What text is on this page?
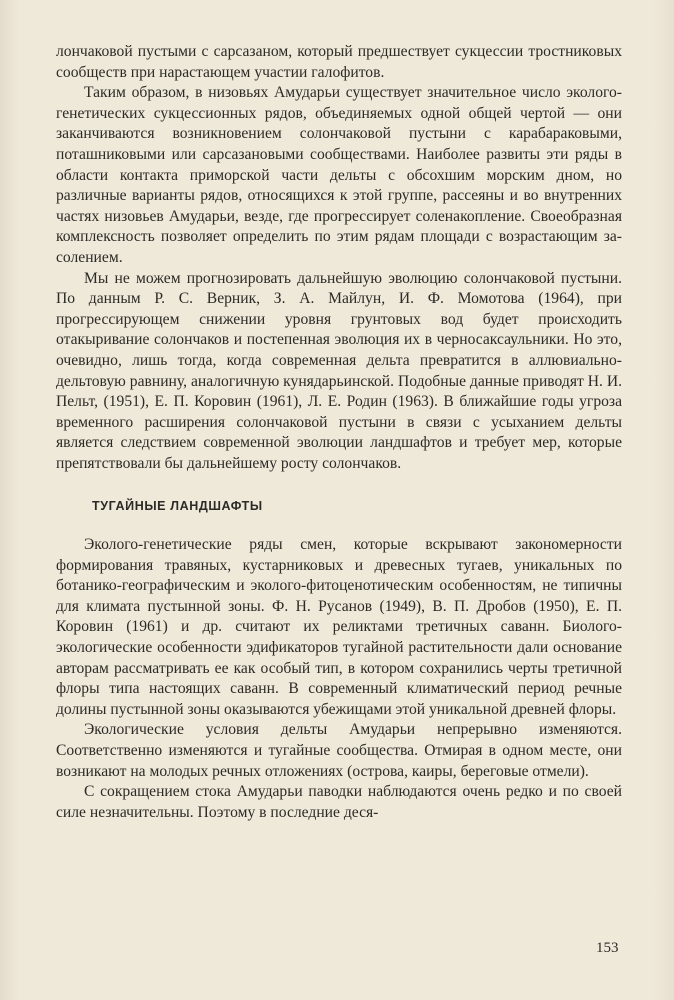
лончаковой пустыми с сарсазаном, который предшествует сукцессии тростниковых сообществ при нарастающем участии галофитов.

Таким образом, в низовьях Амударьи существует значительное число эколого-генетических сукцессионных рядов, объединяемых одной общей чертой — они заканчиваются возникновением солончаковой пустыни с карабараковыми, поташниковыми или сарсазановыми сообществами. Наиболее развиты эти ряды в области контакта приморской части дельты с обсохшим морским дном, но различные варианты рядов, относящихся к этой группе, рассеяны и во внутренних частях низовьев Амударьи, везде, где прогрессирует соленакопление. Своеобразная комплексность позволяет определить по этим рядам площади с возрастающим засолением.

Мы не можем прогнозировать дальнейшую эволюцию солончаковой пустыни. По данным Р. С. Верник, З. А. Майлун, И. Ф. Момотова (1964), при прогрессирующем снижении уровня грунтовых вод будет происходить отакыривание солончаков и постепенная эволюция их в черносаксаульники. Но это, очевидно, лишь тогда, когда современная дельта превратится в аллювиально-дельтовую равнину, аналогичную кунядарьинской. Подобные данные приводят Н. И. Пельт, (1951), Е. П. Коровин (1961), Л. Е. Родин (1963). В ближайшие годы угроза временного расширения солончаковой пустыни в связи с усыханием дельты является следствием современной эволюции ландшафтов и требует мер, которые препятствовали бы дальнейшему росту солончаков.

ТУГАЙНЫЕ ЛАНДШАФТЫ

Эколого-генетические ряды смен, которые вскрывают закономерности формирования травяных, кустарниковых и древесных тугаев, уникальных по ботанико-географическим и эколого-фитоценотическим особенностям, не типичны для климата пустынной зоны. Ф. Н. Русанов (1949), В. П. Дробов (1950), Е. П. Коровин (1961) и др. считают их реликтами третичных саванн. Биолого-экологические особенности эдификаторов тугайной растительности дали основание авторам рассматривать ее как особый тип, в котором сохранились черты третичной флоры типа настоящих саванн. В современный климатический период речные долины пустынной зоны оказываются убежищами этой уникальной древней флоры.

Экологические условия дельты Амударьи непрерывно изменяются. Соответственно изменяются и тугайные сообщества. Отмирая в одном месте, они возникают на молодых речных отложениях (острова, каиры, береговые отмели).

С сокращением стока Амударьи паводки наблюдаются очень редко и по своей силе незначительны. Поэтому в последние деся-

153
